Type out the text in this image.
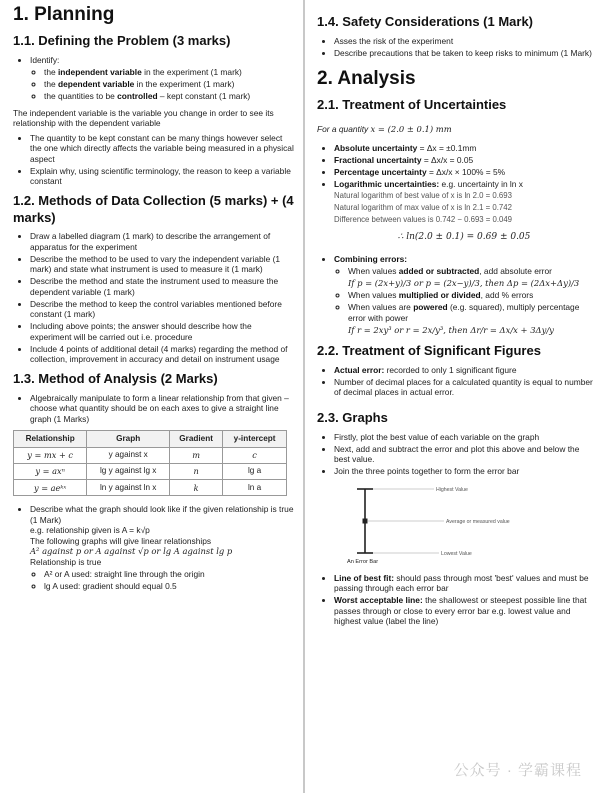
1. Planning
1.1. Defining the Problem (3 marks)
• Identify:
◦ the independent variable in the experiment (1 mark)
◦ the dependent variable in the experiment (1 mark)
◦ the quantities to be controlled – kept constant (1 mark)

The independent variable is the variable you change in order to see its relationship with the dependent variable

• The quantity to be kept constant can be many things however select the one which directly affects the variable being measured in a physical aspect
• Explain why, using scientific terminology, the reason to keep a variable constant
1.2. Methods of Data Collection (5 marks) + (4 marks)
• Draw a labelled diagram (1 mark) to describe the arrangement of apparatus for the experiment
• Describe the method to be used to vary the independent variable (1 mark) and state what instrument is used to measure it (1 mark)
• Describe the method and state the instrument used to measure the dependent variable (1 mark)
• Describe the method to keep the control variables mentioned before constant (1 mark)
• Including above points; the answer should describe how the experiment will be carried out i.e. procedure
• Include 4 points of additional detail (4 marks) regarding the method of collection, improvement in accuracy and detail on instrument usage
1.3. Method of Analysis (2 Marks)
• Algebraically manipulate to form a linear relationship from that given – choose what quantity should be on each axes to give a straight line graph (1 Marks)
Relationship	Graph	Gradient	y-intercept
y = mx + c	y against x	m	c
y = axⁿ	lg y against lg x	n	lg a
y = aeᵏˣ	ln y against ln x	k	ln a
• Describe what the graph should look like if the given relationship is true (1 Mark)
e.g. relationship given is A = k√p
The following graphs will give linear relationships
A² against p or A against √p or lg A against lg p
Relationship is true
◦ A² or A used: straight line through the origin
◦ lg A used: gradient should equal 0.5
1.4. Safety Considerations (1 Mark)
• Asses the risk of the experiment
• Describe precautions that be taken to keep risks to minimum (1 Mark)
2. Analysis
2.1. Treatment of Uncertainties

For a quantity x = (2.0 ± 0.1) mm

• Absolute uncertainty = Δx = ±0.1mm
• Fractional uncertainty = Δx/x = 0.05
• Percentage uncertainty = Δx/x × 100% = 5%
• Logarithmic uncertainties: e.g. uncertainty in ln x
Natural logarithm of best value of x is ln 2.0 = 0.693
Natural logarithm of max value of x is ln 2.1 = 0.742
Difference between values is 0.742 − 0.693 = 0.049
∴ ln(2.0 ± 0.1) = 0.69 ± 0.05
• Combining errors:
◦ When values added or subtracted, add absolute error
If p = (2x+y)/3 or p = (2x−y)/3, then Δp = (2Δx+Δy)/3
◦ When values multiplied or divided, add % errors
◦ When values are powered (e.g. squared), multiply percentage error with power
If r = 2xy³ or r = 2x/y³, then Δr/r = Δx/x + 3Δy/y
2.2. Treatment of Significant Figures
• Actual error: recorded to only 1 significant figure
• Number of decimal places for a calculated quantity is equal to number of decimal places in actual error.
2.3. Graphs
• Firstly, plot the best value of each variable on the graph
• Next, add and subtract the error and plot this above and below the best value.
• Join the three points together to form the error bar
Highest Value
Average or measured value
Lowest Value
An Error Bar
• Line of best fit: should pass through most 'best' values and must be passing through each error bar
• Worst acceptable line: the shallowest or steepest possible line that passes through or close to every error bar e.g. lowest value and highest value (label the line)
公众号 · 学霸课程
